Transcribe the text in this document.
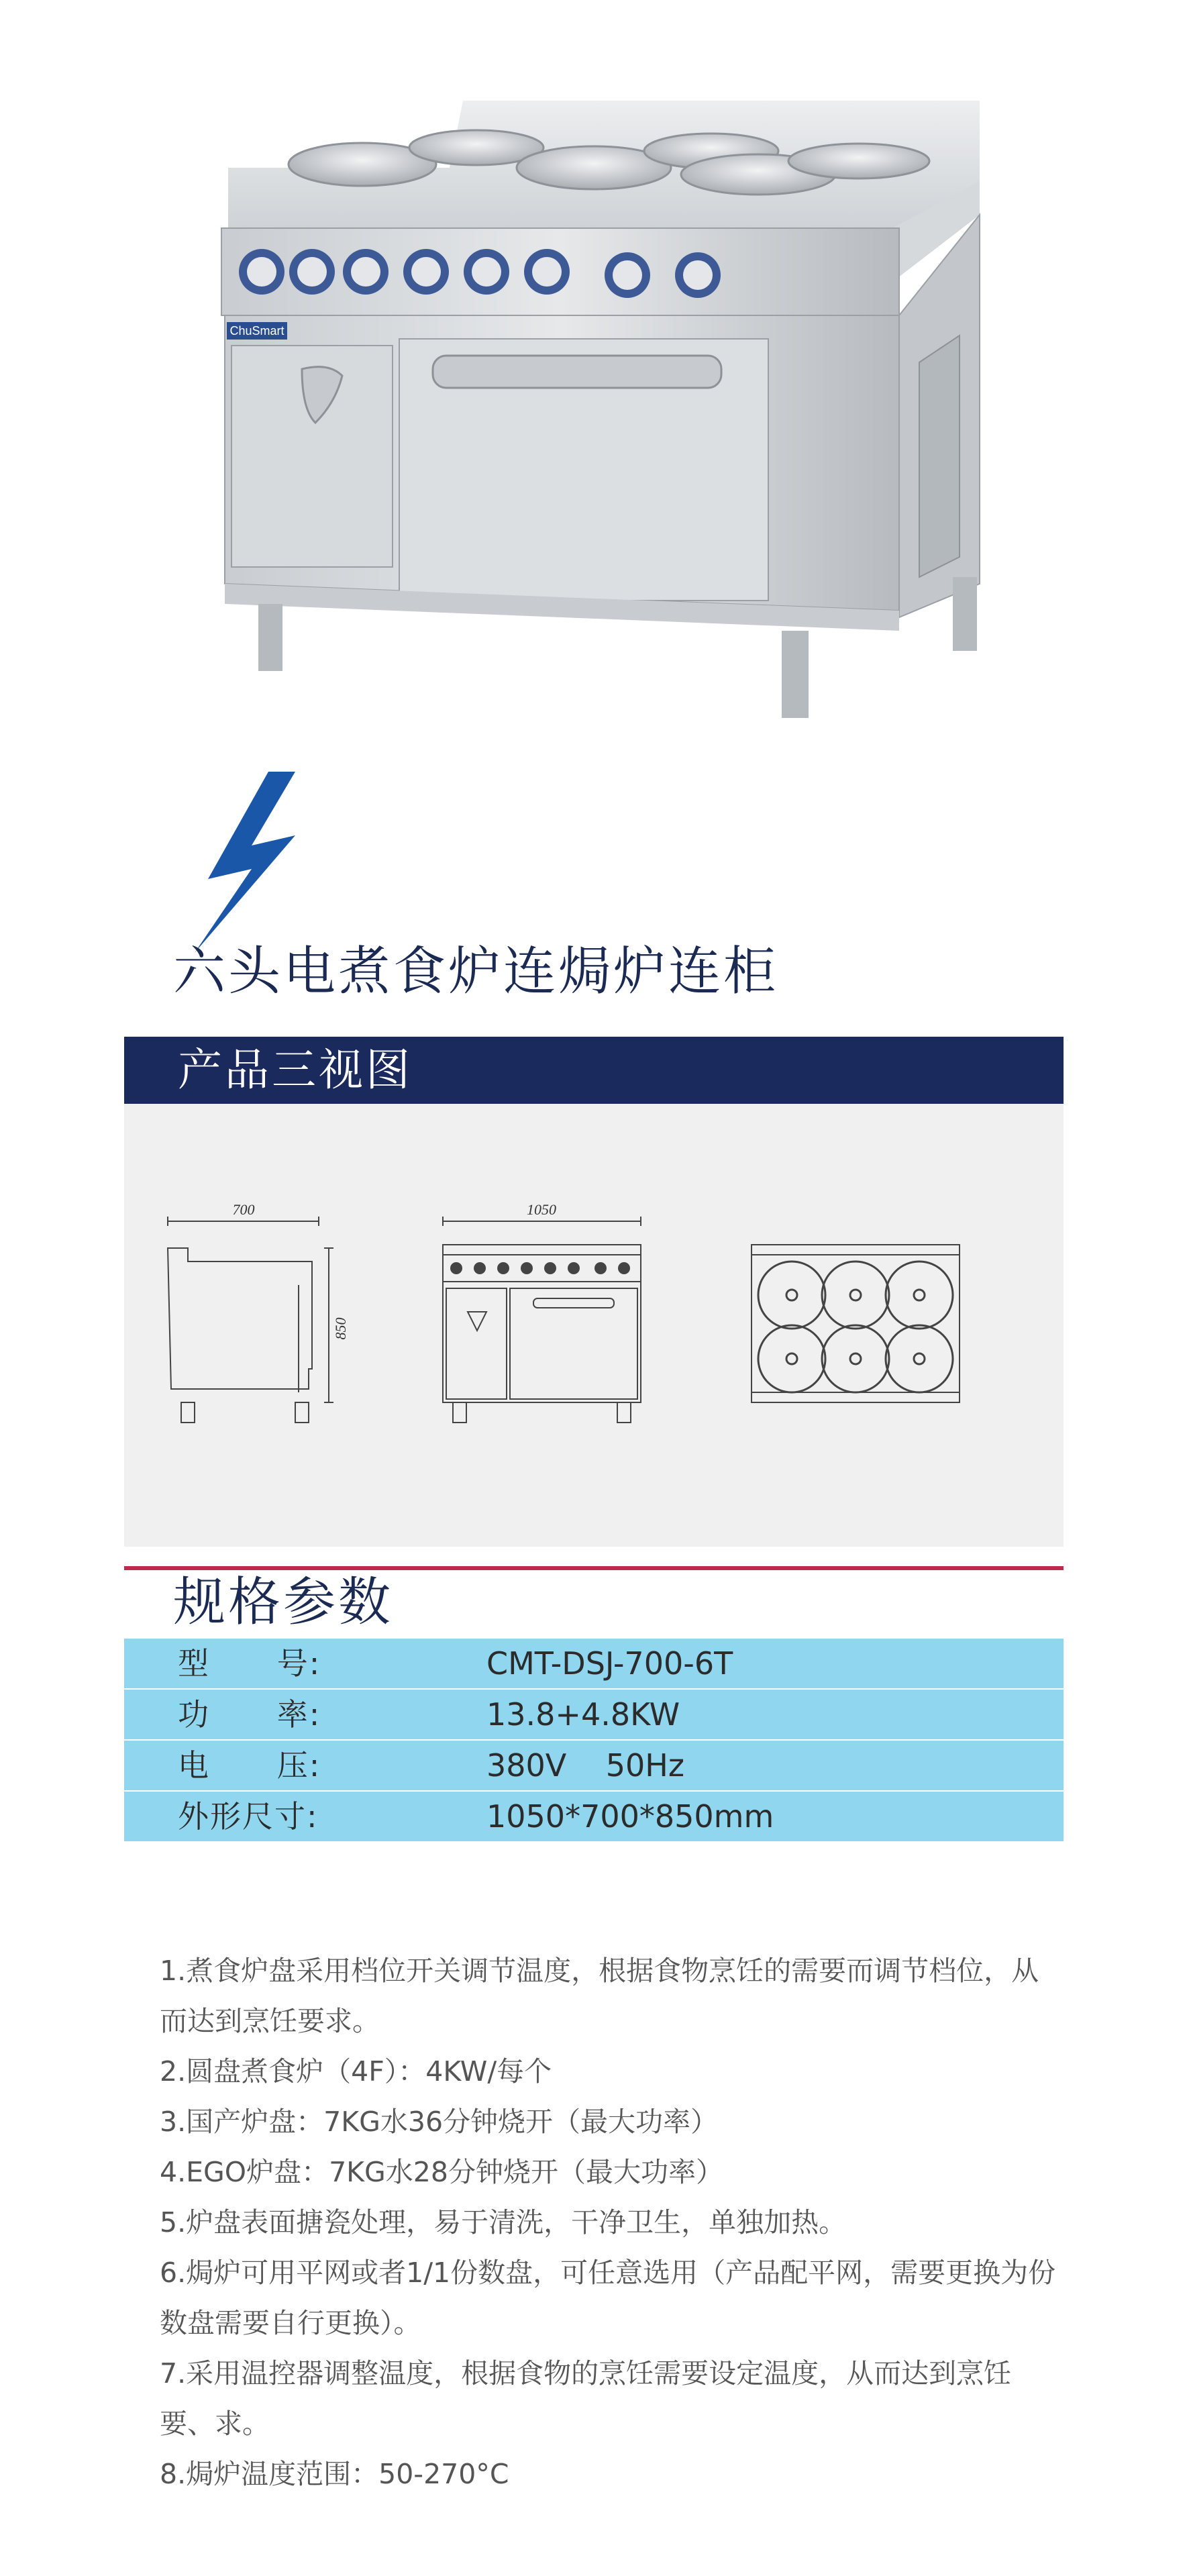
ChuSmart
六头电煮食炉连焗炉连柜
产品三视图
700	1050
850
规格参数
型      号:	CMT-DSJ-700-6T
功      率:	13.8+4.8KW
电      压:	380V    50Hz
外形尺寸:	1050*700*850mm

1.煮食炉盘采用档位开关调节温度，根据食物烹饪的需要而调节档位，从而达到烹饪要求。

2.圆盘煮食炉（4F）：4KW/每个

3.国产炉盘：7KG水36分钟烧开（最大功率）

4.EGO炉盘：7KG水28分钟烧开（最大功率）

5.炉盘表面搪瓷处理，易于清洗，干净卫生，单独加热。

6.焗炉可用平网或者1/1份数盘，可任意选用（产品配平网，需要更换为份数盘需要自行更换）。

7.采用温控器调整温度，根据食物的烹饪需要设定温度，从而达到烹饪要、求。

8.焗炉温度范围：50-270°C
